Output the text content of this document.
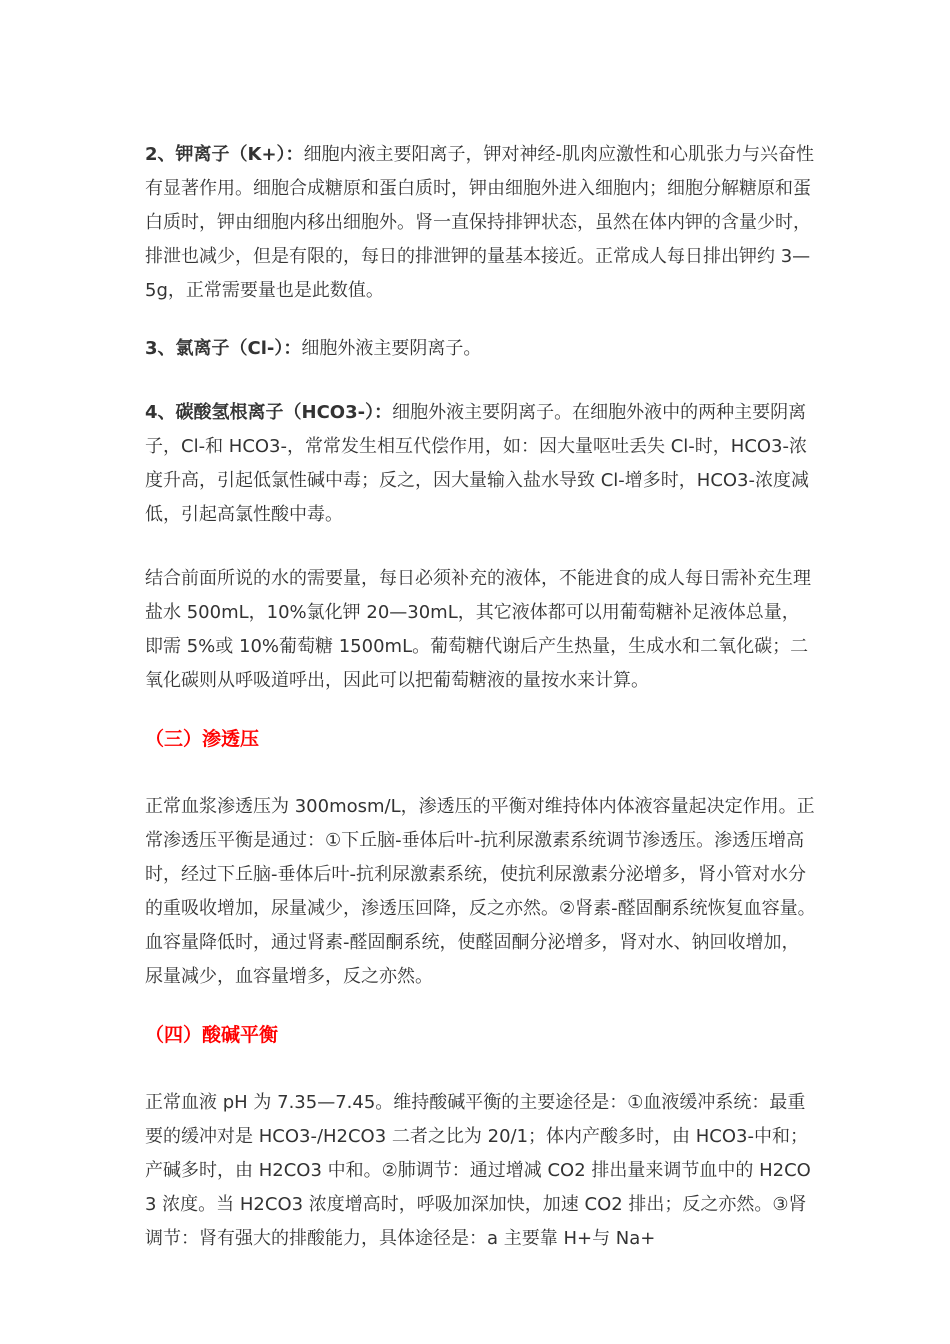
2、钾离子（K+）：细胞内液主要阳离子，钾对神经-肌肉应激性和心肌张力与兴奋性有显著作用。细胞合成糖原和蛋白质时，钾由细胞外进入细胞内；细胞分解糖原和蛋白质时，钾由细胞内移出细胞外。肾一直保持排钾状态，虽然在体内钾的含量少时，排泄也减少，但是有限的，每日的排泄钾的量基本接近。正常成人每日排出钾约 3—5g，正常需要量也是此数值。

3、氯离子（Cl-）：细胞外液主要阴离子。

4、碳酸氢根离子（HCO3-）：细胞外液主要阴离子。在细胞外液中的两种主要阴离子，Cl-和 HCO3-，常常发生相互代偿作用，如：因大量呕吐丢失 Cl-时，HCO3-浓度升高，引起低氯性碱中毒；反之，因大量输入盐水导致 Cl-增多时，HCO3-浓度减低，引起高氯性酸中毒。

结合前面所说的水的需要量，每日必须补充的液体，不能进食的成人每日需补充生理盐水 500mL，10%氯化钾 20—30mL，其它液体都可以用葡萄糖补足液体总量，即需 5%或 10%葡萄糖 1500mL。葡萄糖代谢后产生热量，生成水和二氧化碳；二氧化碳则从呼吸道呼出，因此可以把葡萄糖液的量按水来计算。

（三）渗透压

正常血浆渗透压为 300mosm/L，渗透压的平衡对维持体内体液容量起决定作用。正常渗透压平衡是通过：①下丘脑-垂体后叶-抗利尿激素系统调节渗透压。渗透压增高时，经过下丘脑-垂体后叶-抗利尿激素系统，使抗利尿激素分泌增多，肾小管对水分的重吸收增加，尿量减少，渗透压回降，反之亦然。②肾素-醛固酮系统恢复血容量。血容量降低时，通过肾素-醛固酮系统，使醛固酮分泌增多，肾对水、钠回收增加，尿量减少，血容量增多，反之亦然。

（四）酸碱平衡

正常血液 pH 为 7.35—7.45。维持酸碱平衡的主要途径是：①血液缓冲系统：最重要的缓冲对是 HCO3-/H2CO3 二者之比为 20/1；体内产酸多时，由 HCO3-中和；产碱多时，由 H2CO3 中和。②肺调节：通过增减 CO2 排出量来调节血中的 H2CO3 浓度。当 H2CO3 浓度增高时，呼吸加深加快，加速 CO2 排出；反之亦然。③肾调节：肾有强大的排酸能力，具体途径是：a 主要靠 H+与 Na+
